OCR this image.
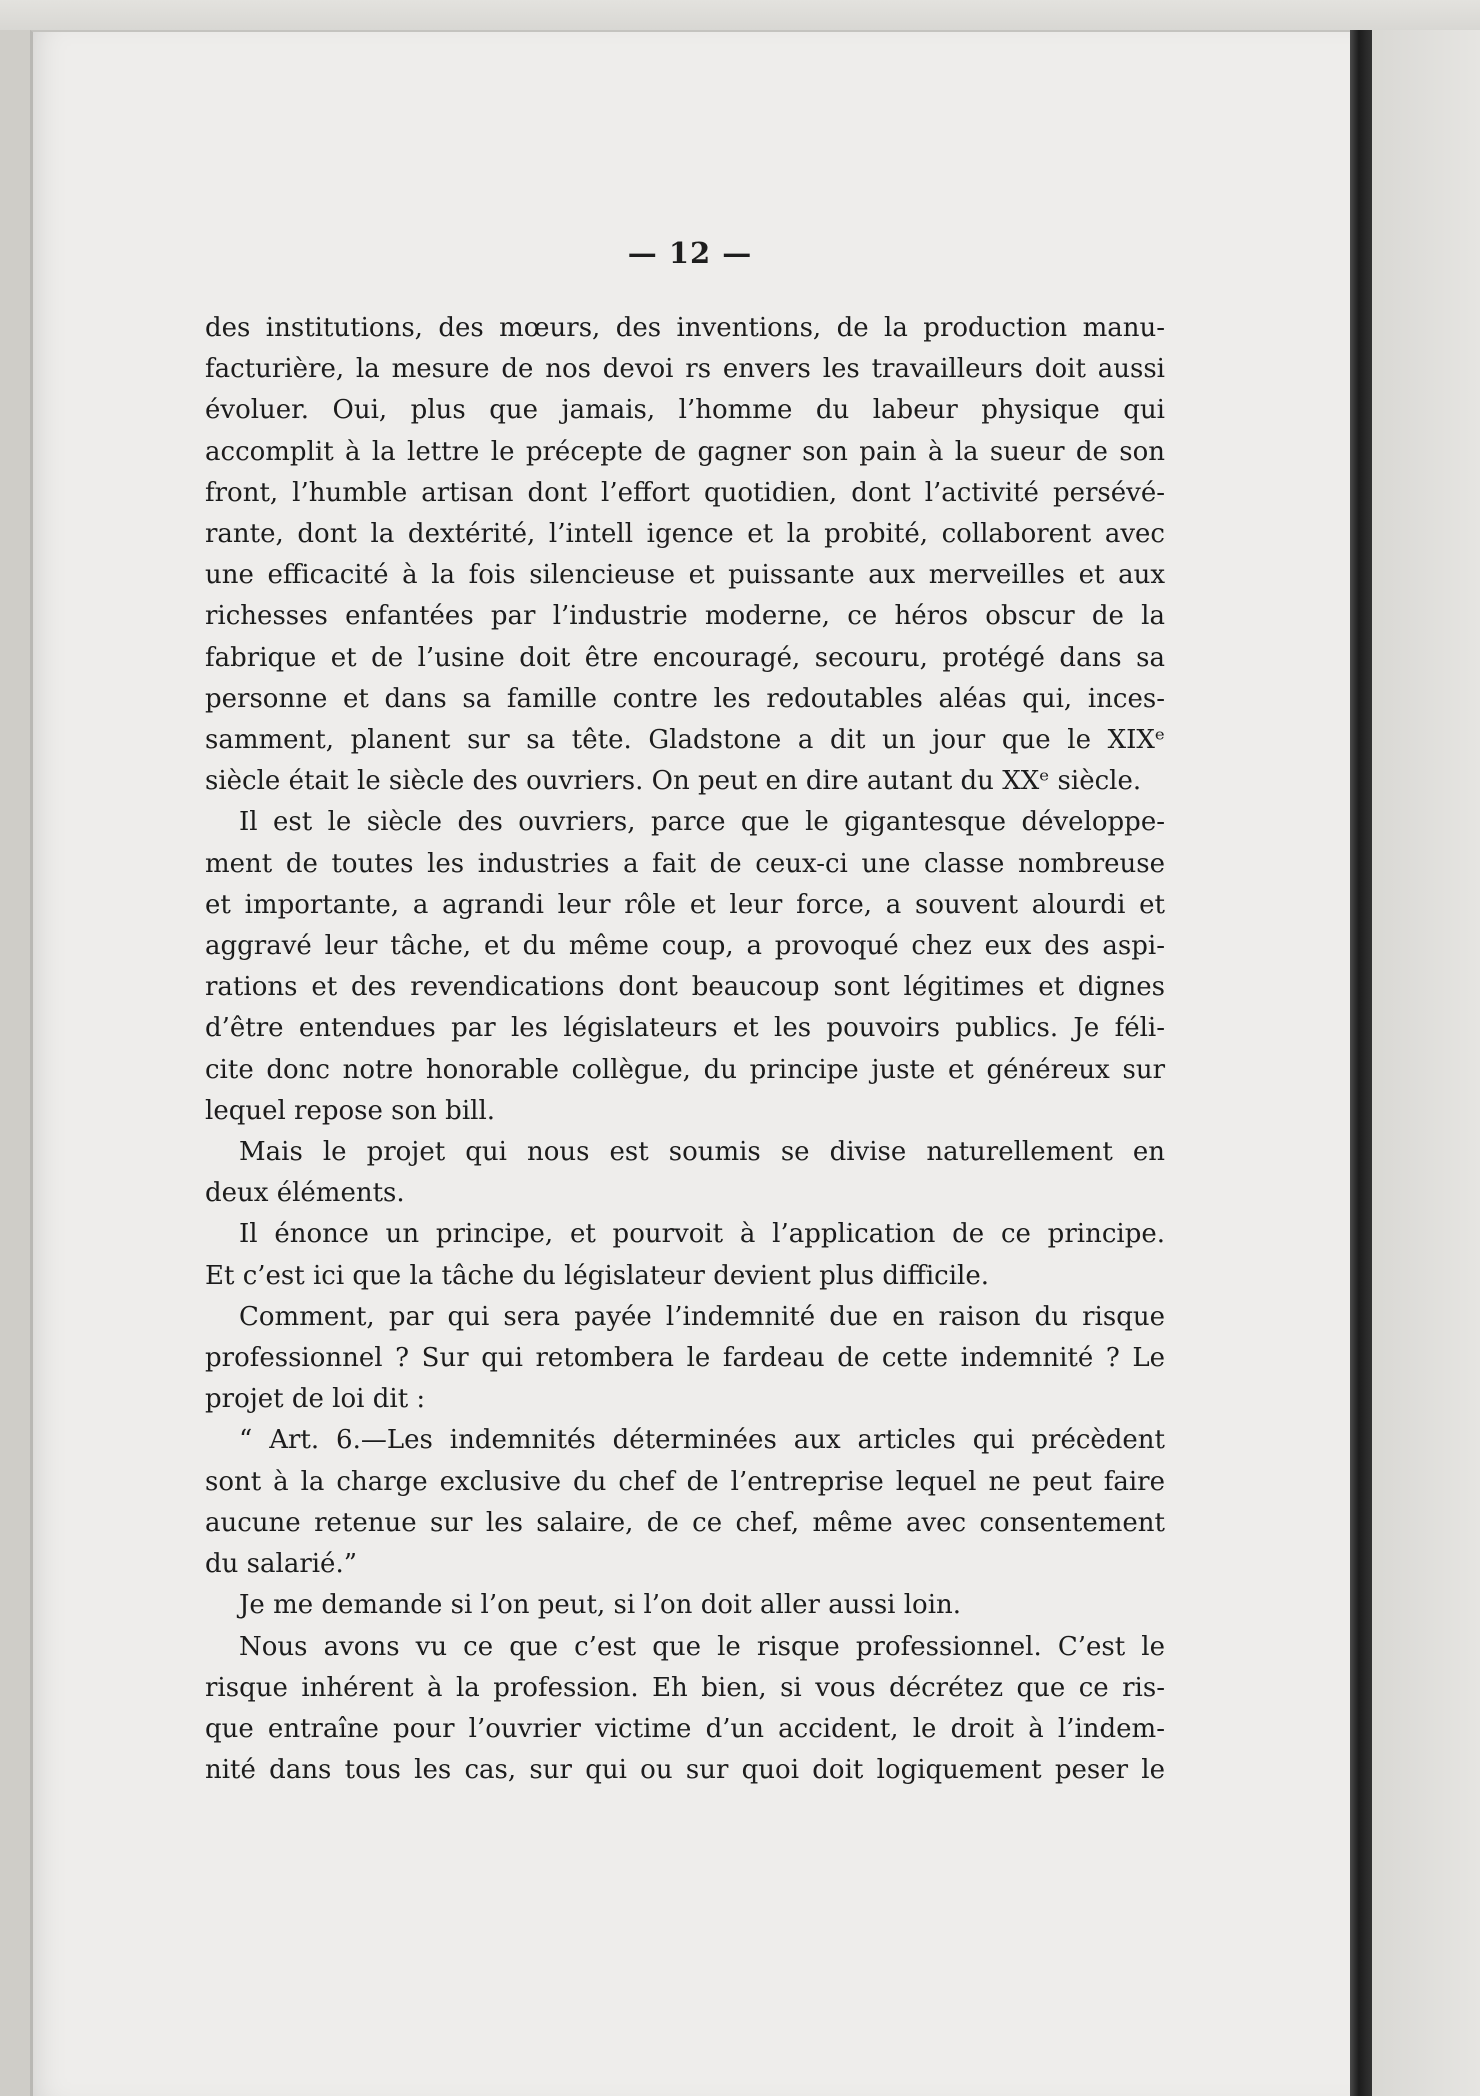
— 12 —
des institutions, des mœurs, des inventions, de la production manu-
facturière, la mesure de nos devoi rs envers les travailleurs doit aussi
évoluer. Oui, plus que jamais, l’homme du labeur physique qui
accomplit à la lettre le précepte de gagner son pain à la sueur de son
front, l’humble artisan dont l’effort quotidien, dont l’activité persévé-
rante, dont la dextérité, l’intell igence et la probité, collaborent avec
une efficacité à la fois silencieuse et puissante aux merveilles et aux
richesses enfantées par l’industrie moderne, ce héros obscur de la
fabrique et de l’usine doit être encouragé, secouru, protégé dans sa
personne et dans sa famille contre les redoutables aléas qui, inces-
samment, planent sur sa tête. Gladstone a dit un jour que le XIXᵉ
siècle était le siècle des ouvriers. On peut en dire autant du XXᵉ siècle.
Il est le siècle des ouvriers, parce que le gigantesque développe-
ment de toutes les industries a fait de ceux-ci une classe nombreuse
et importante, a agrandi leur rôle et leur force, a souvent alourdi et
aggravé leur tâche, et du même coup, a provoqué chez eux des aspi-
rations et des revendications dont beaucoup sont légitimes et dignes
d’être entendues par les législateurs et les pouvoirs publics. Je féli-
cite donc notre honorable collègue, du principe juste et généreux sur
lequel repose son bill.
Mais le projet qui nous est soumis se divise naturellement en
deux éléments.
Il énonce un principe, et pourvoit à l’application de ce principe.
Et c’est ici que la tâche du législateur devient plus difficile.
Comment, par qui sera payée l’indemnité due en raison du risque
professionnel ? Sur qui retombera le fardeau de cette indemnité ? Le
projet de loi dit :
“ Art. 6.—Les indemnités déterminées aux articles qui précèdent
sont à la charge exclusive du chef de l’entreprise lequel ne peut faire
aucune retenue sur les salaire, de ce chef, même avec consentement
du salarié.”
Je me demande si l’on peut, si l’on doit aller aussi loin.
Nous avons vu ce que c’est que le risque professionnel. C’est le
risque inhérent à la profession. Eh bien, si vous décrétez que ce ris-
que entraîne pour l’ouvrier victime d’un accident, le droit à l’indem-
nité dans tous les cas, sur qui ou sur quoi doit logiquement peser le
